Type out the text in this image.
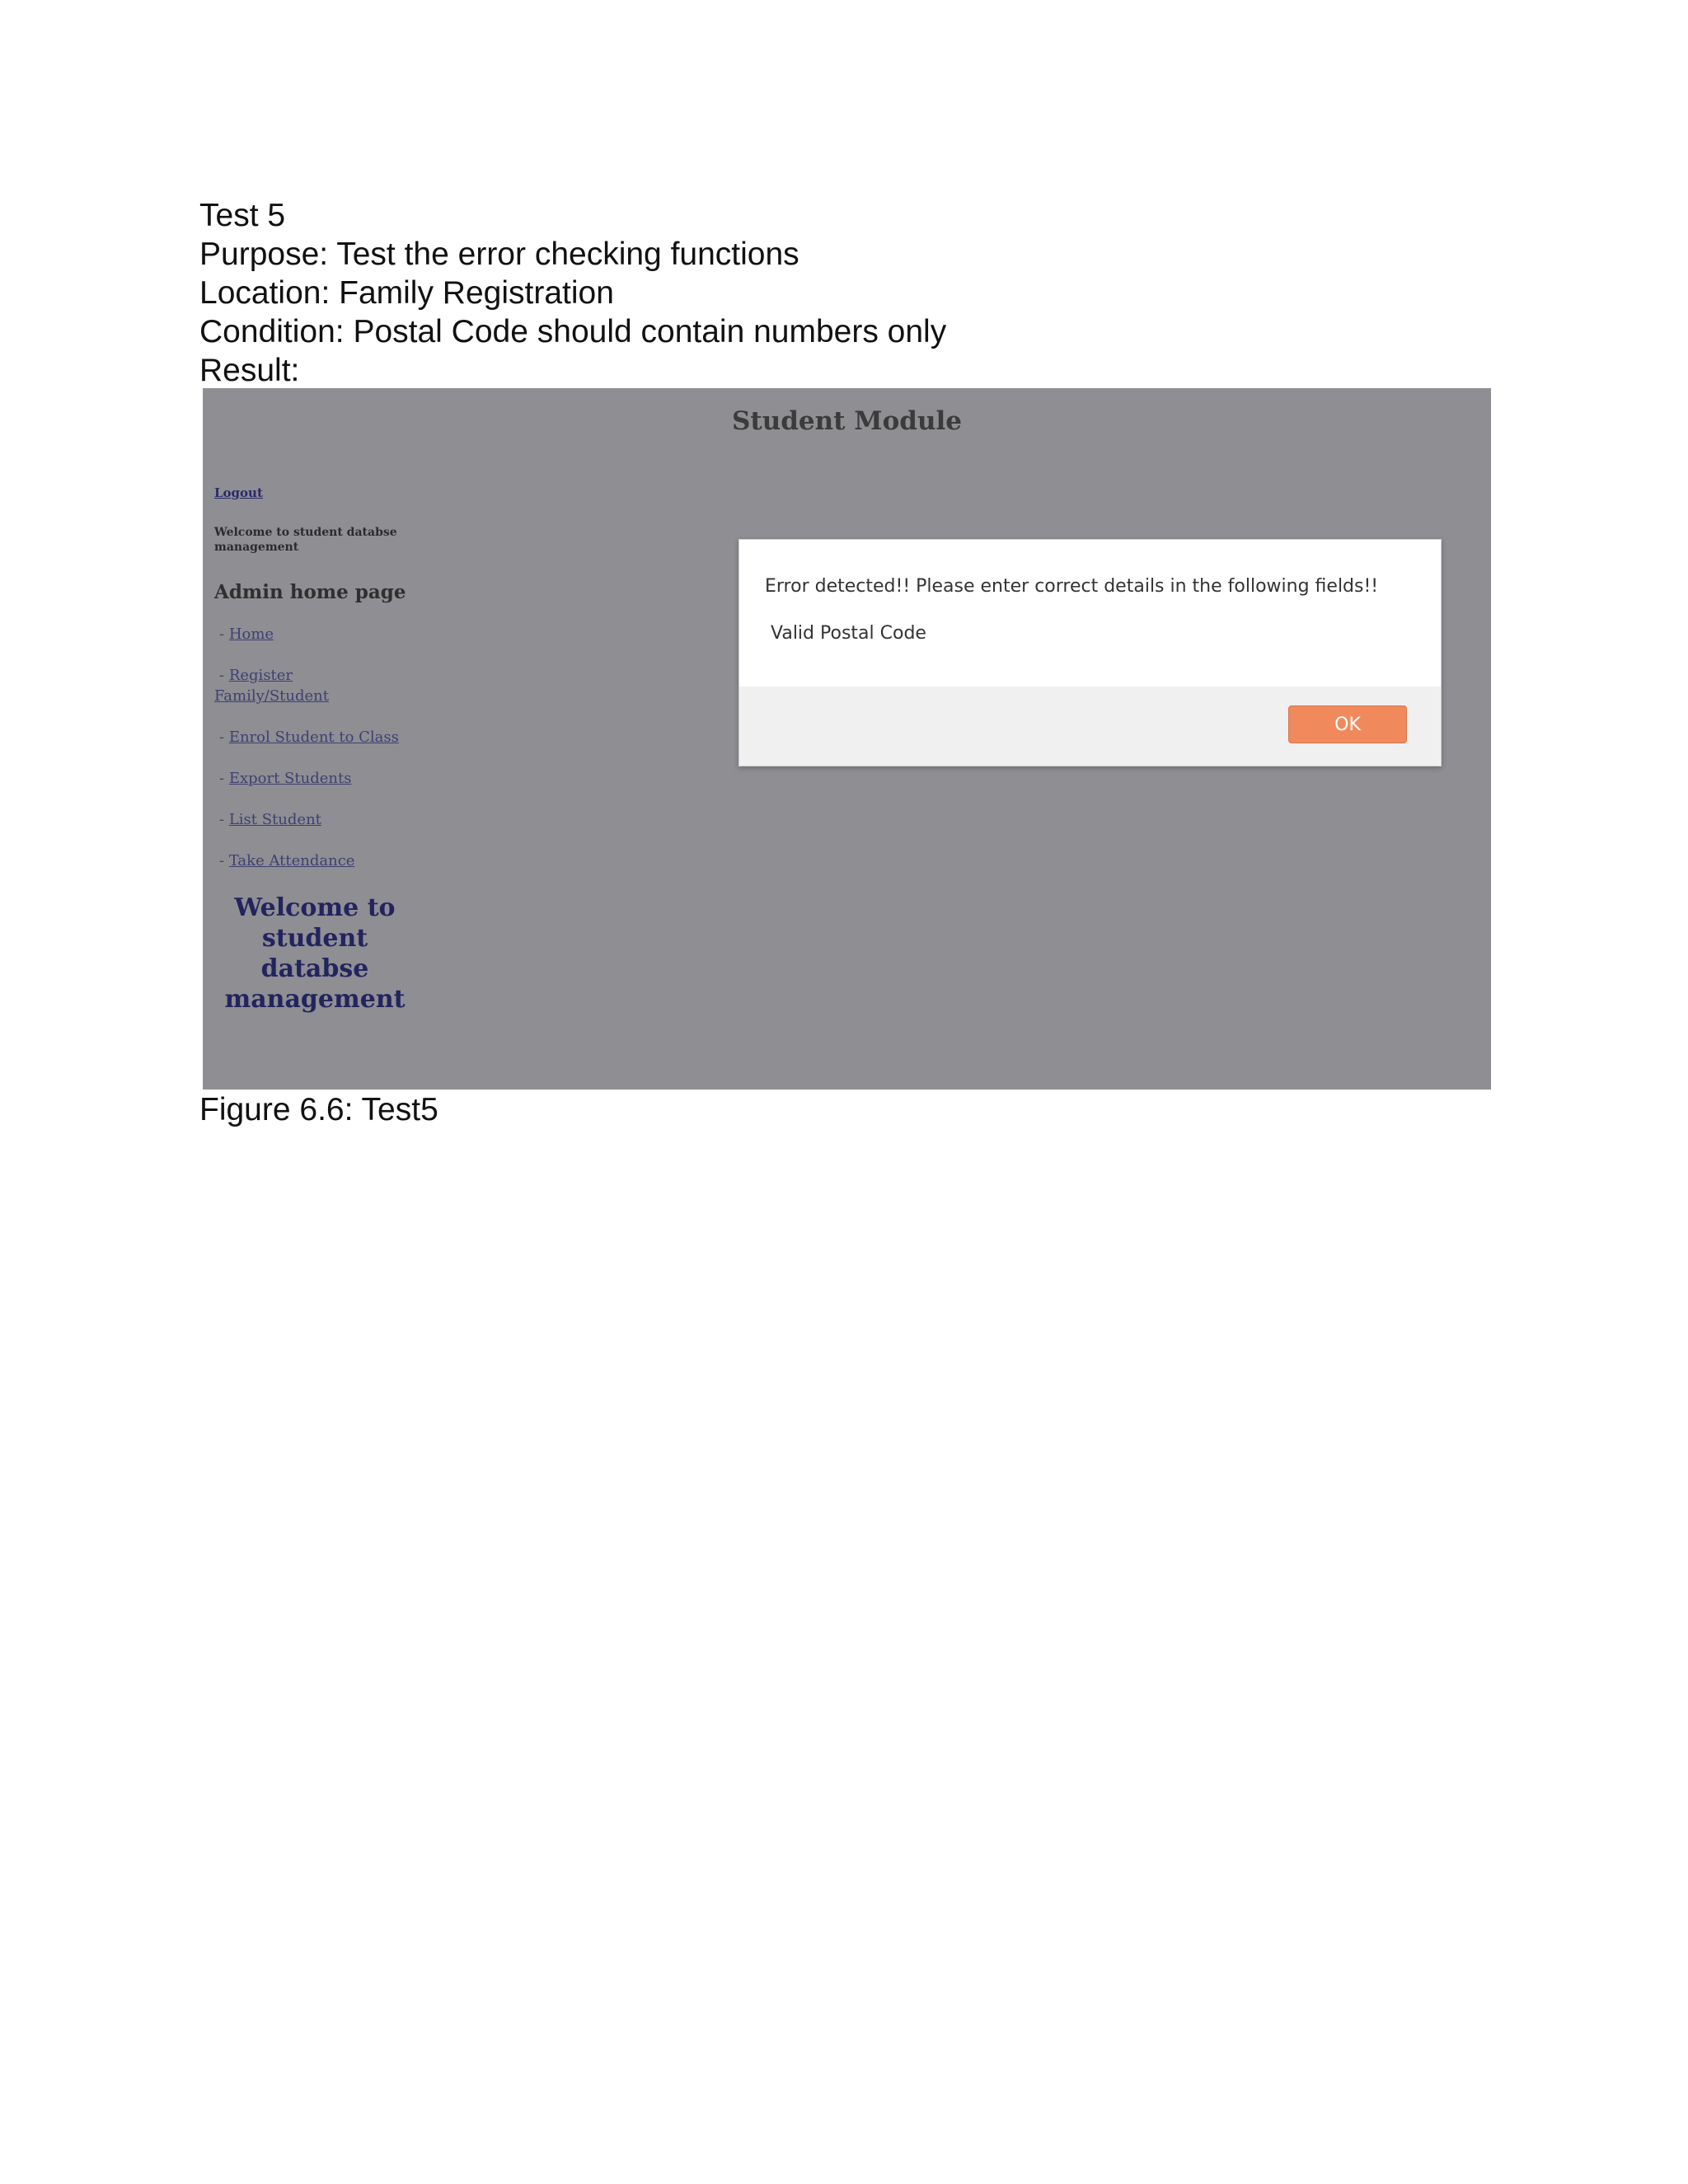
Test 5
Purpose: Test the error checking functions
Location: Family Registration
Condition: Postal Code should contain numbers only
Result:
Student Module
Logout
Welcome to student databse management
Admin home page
- Home
- Register
Family/Student
- Enrol Student to Class
- Export Students
- List Student
- Take Attendance
Welcome to student databse management
Error detected!! Please enter correct details in the following fields!!
Valid Postal Code
OK
Figure 6.6: Test5
